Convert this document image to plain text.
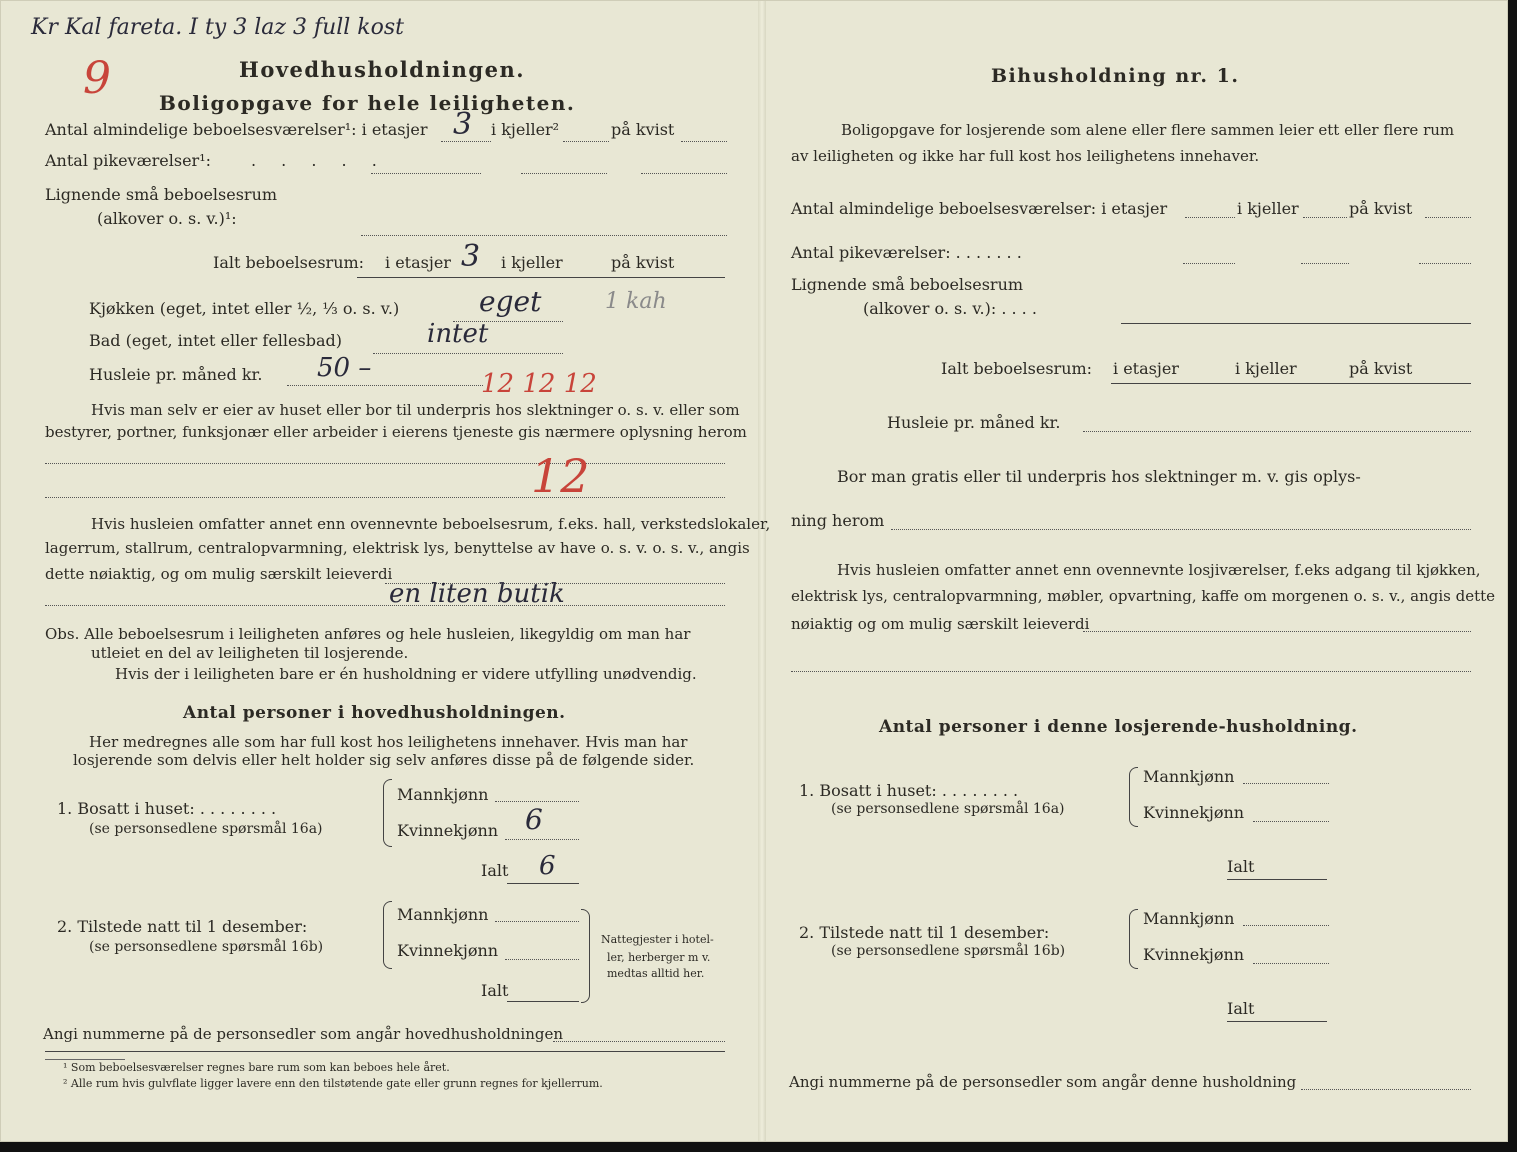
Kr Kal fareta. I ty 3 laz 3 full kost
9	Hovedhusholdningen.
Boligopgave for hele leiligheten.
Antal almindelige beboelsesværelser¹: i etasjer 3 i kjeller²	på kvist
Antal pikeværelser¹:	. . . . .
Lignende små beboelsesrum
(alkover o. s. v.)¹:
Ialt beboelsesrum: i etasjer 3 i kjeller	på kvist
Kjøkken (eget, intet eller ½, ⅓ o. s. v.)	eget	1 kah
Bad (eget, intet eller fellesbad)	intet
Husleie pr. måned kr. 50 –
12 12 12
Hvis man selv er eier av huset eller bor til underpris hos slektninger o. s. v. eller som
bestyrer, portner, funksjonær eller arbeider i eierens tjeneste gis nærmere oplysning herom
12
Hvis husleien omfatter annet enn ovennevnte beboelsesrum, f.eks. hall, verkstedslokaler,
lagerrum, stallrum, centralopvarmning, elektrisk lys, benyttelse av have o. s. v. o. s. v., angis
dette nøiaktig, og om mulig særskilt leieverdi
en liten butik
Obs. Alle beboelsesrum i leiligheten anføres og hele husleien, likegyldig om man har
utleiet en del av leiligheten til losjerende.
Hvis der i leiligheten bare er én husholdning er videre utfylling unødvendig.
Antal personer i hovedhusholdningen.
Her medregnes alle som har full kost hos leilighetens innehaver. Hvis man har
losjerende som delvis eller helt holder sig selv anføres disse på de følgende sider.
1. Bosatt i huset: . . . . . . . .
(se personsedlene spørsmål 16a)
Mannkjønn
Kvinnekjønn 6
Ialt 6
2. Tilstede natt til 1 desember:
(se personsedlene spørsmål 16b)
Mannkjønn
Kvinnekjønn
Ialt
Nattegjester i hotel-
ler, herberger m v.
medtas alltid her.
Angi nummerne på de personsedler som angår hovedhusholdningen
¹ Som beboelsesværelser regnes bare rum som kan beboes hele året.
² Alle rum hvis gulvflate ligger lavere enn den tilstøtende gate eller grunn regnes for kjellerrum.
Bihusholdning nr. 1.
Boligopgave for losjerende som alene eller flere sammen leier ett eller flere rum
av leiligheten og ikke har full kost hos leilighetens innehaver.
Antal almindelige beboelsesværelser: i etasjer	i kjeller	på kvist
Antal pikeværelser: . . . . . . .
Lignende små beboelsesrum
(alkover o. s. v.): . . . .
Ialt beboelsesrum: i etasjer	i kjeller	på kvist
Husleie pr. måned kr.
Bor man gratis eller til underpris hos slektninger m. v. gis oplys-
ning herom
Hvis husleien omfatter annet enn ovennevnte losjiværelser, f.eks adgang til kjøkken,
elektrisk lys, centralopvarmning, møbler, opvartning, kaffe om morgenen o. s. v., angis dette
nøiaktig og om mulig særskilt leieverdi
Antal personer i denne losjerende-husholdning.
1. Bosatt i huset: . . . . . . . .
(se personsedlene spørsmål 16a)
Mannkjønn
Kvinnekjønn
Ialt
2. Tilstede natt til 1 desember:
(se personsedlene spørsmål 16b)
Mannkjønn
Kvinnekjønn
Ialt
Angi nummerne på de personsedler som angår denne husholdning
